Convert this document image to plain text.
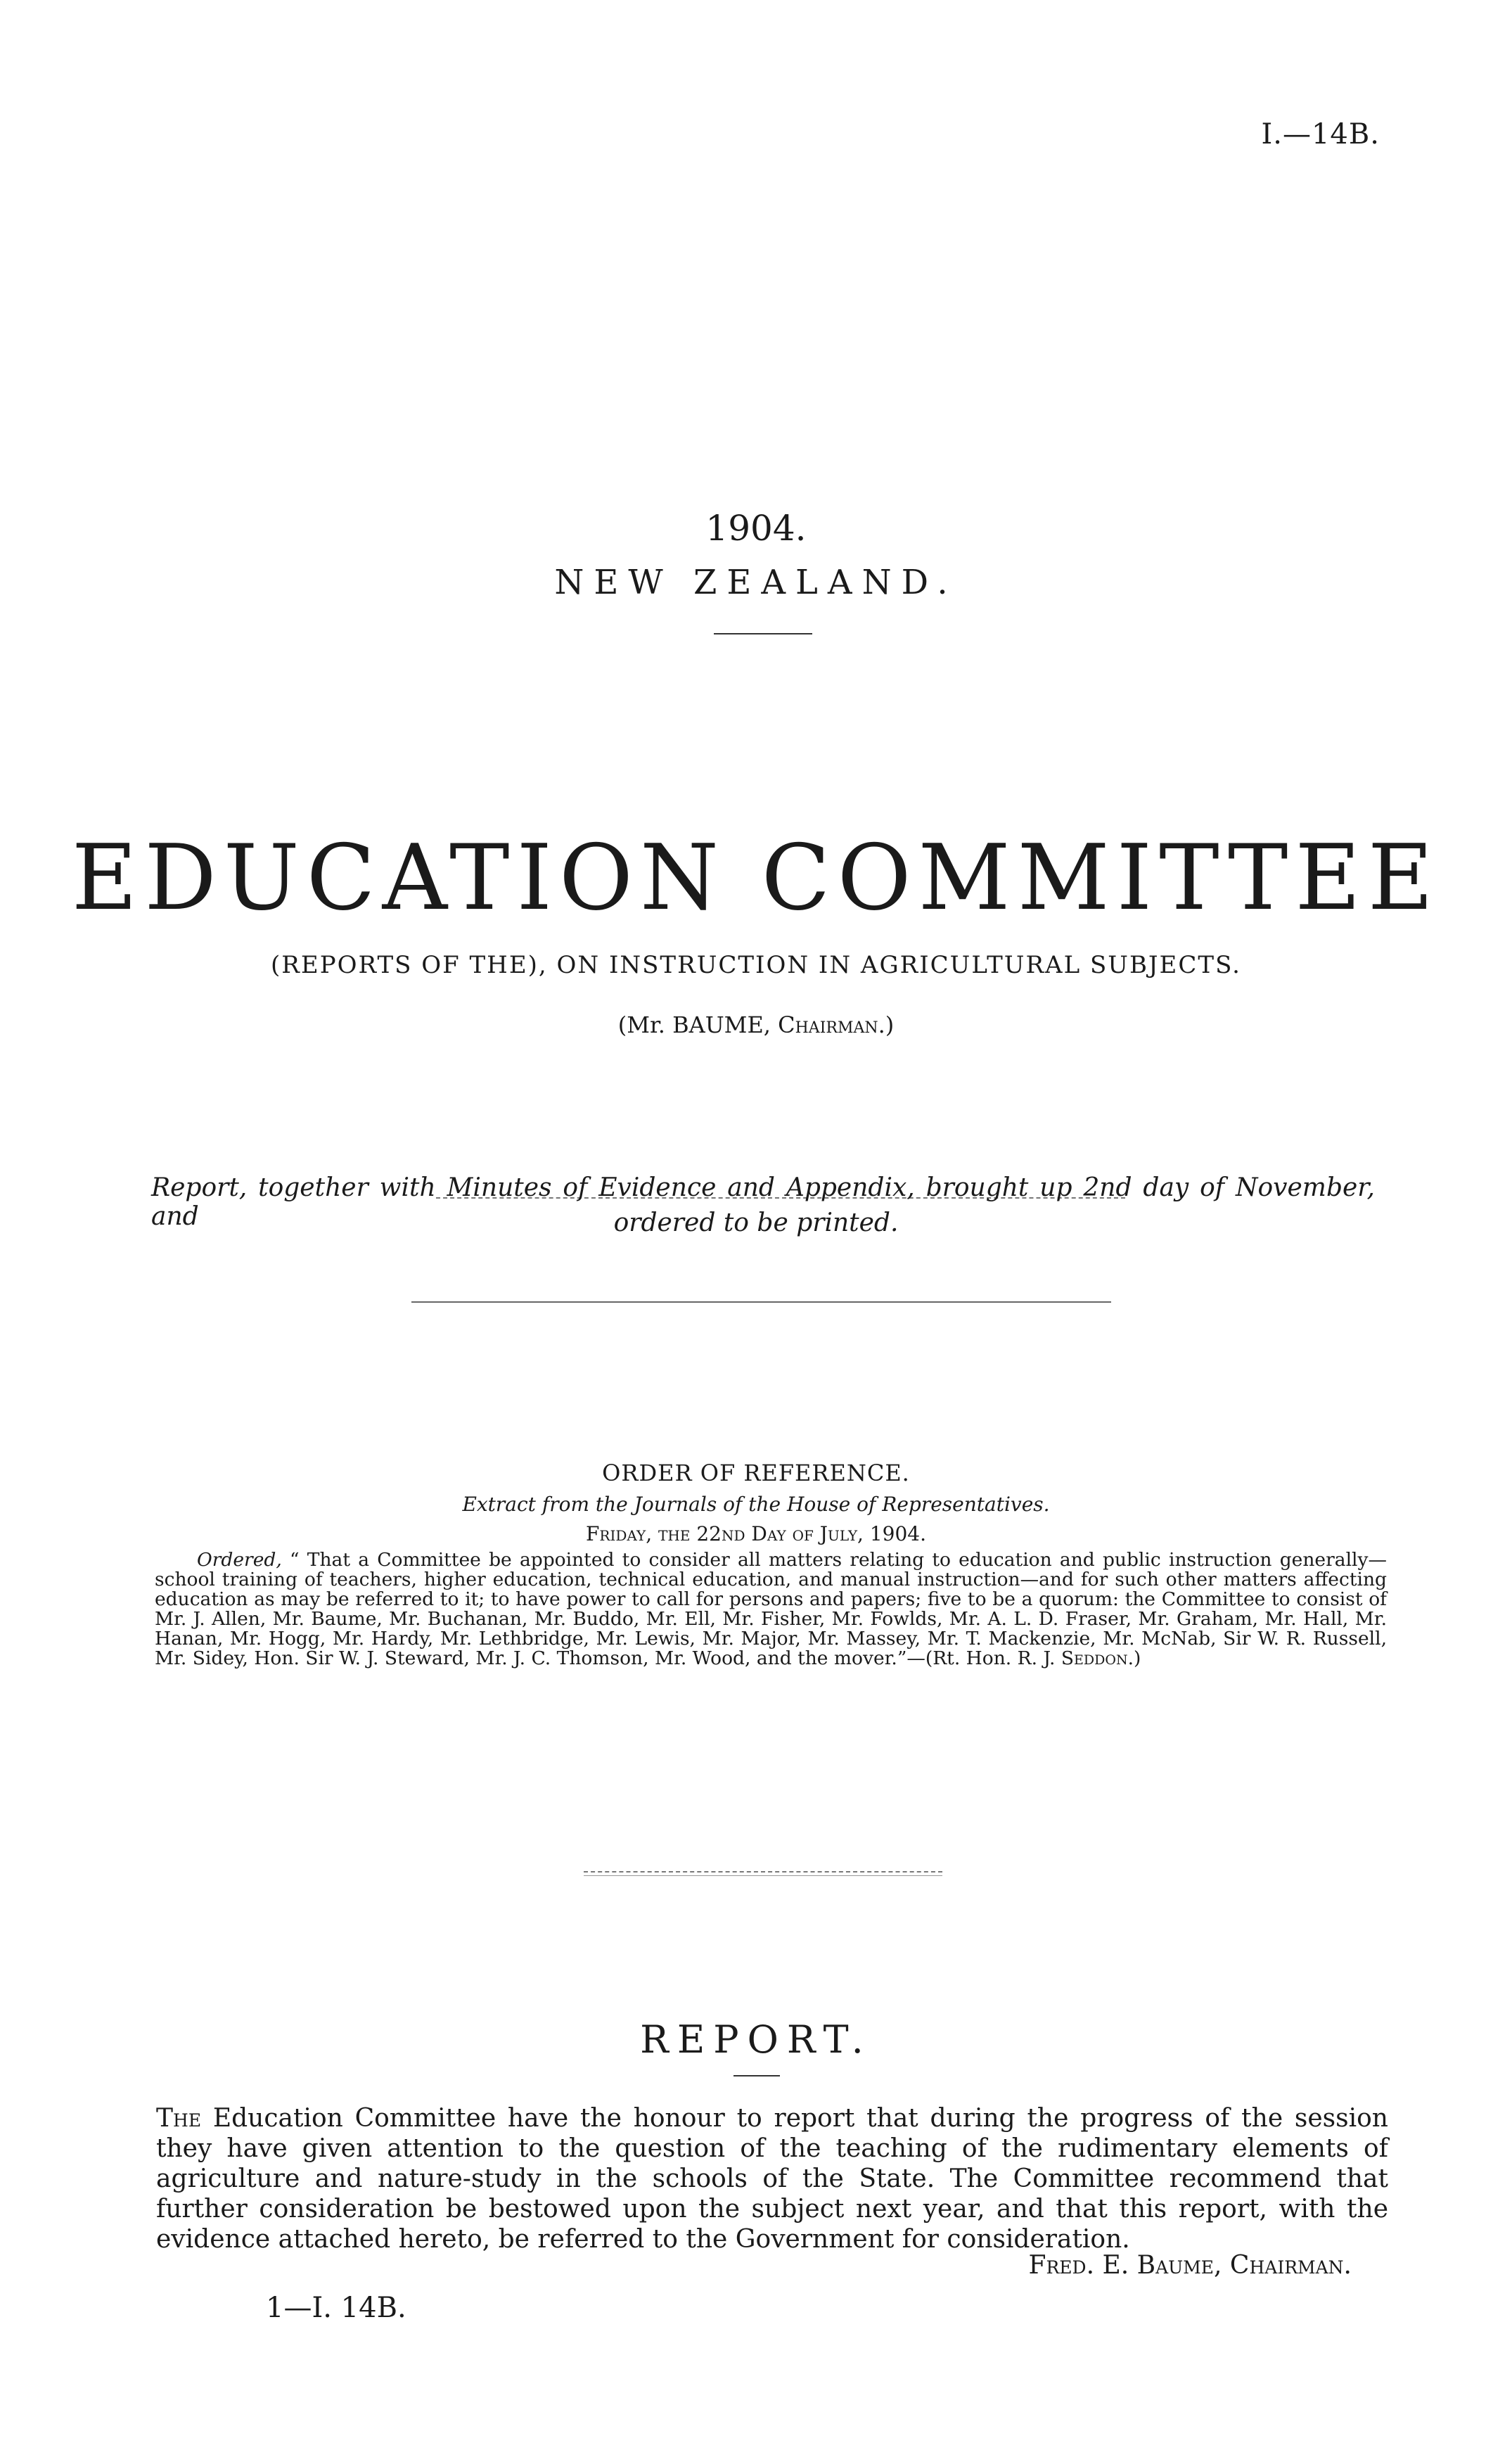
I.—14B.
1904.
NEW ZEALAND.
EDUCATION COMMITTEE
(REPORTS OF THE), ON INSTRUCTION IN AGRICULTURAL SUBJECTS.
(Mr. BAUME, Chairman.)
Report, together with Minutes of Evidence and Appendix, brought up 2nd day of November, and	ordered to be printed.
ORDER OF REFERENCE.
Extract from the Journals of the House of Representatives.
Friday, the 22nd Day of July, 1904.
Ordered, “ That a Committee be appointed to consider all matters relating to education and public instruction generally—school training of teachers, higher education, technical education, and manual instruction—and for such other matters affecting education as may be referred to it; to have power to call for persons and papers; five to be a quorum: the Committee to consist of Mr. J. Allen, Mr. Baume, Mr. Buchanan, Mr. Buddo, Mr. Ell, Mr. Fisher, Mr. Fowlds, Mr. A. L. D. Fraser, Mr. Graham, Mr. Hall, Mr. Hanan, Mr. Hogg, Mr. Hardy, Mr. Lethbridge, Mr. Lewis, Mr. Major, Mr. Massey, Mr. T. Mackenzie, Mr. McNab, Sir W. R. Russell, Mr. Sidey, Hon. Sir W. J. Steward, Mr. J. C. Thomson, Mr. Wood, and the mover.”—(Rt. Hon. R. J. Seddon.)
REPORT.
The Education Committee have the honour to report that during the progress of the session they have given attention to the question of the teaching of the rudimentary elements of agriculture and nature-study in the schools of the State. The Committee recommend that further consideration be bestowed upon the subject next year, and that this report, with the evidence attached hereto, be referred to the Government for consideration.
Fred. E. Baume, Chairman.
1—I. 14B.
